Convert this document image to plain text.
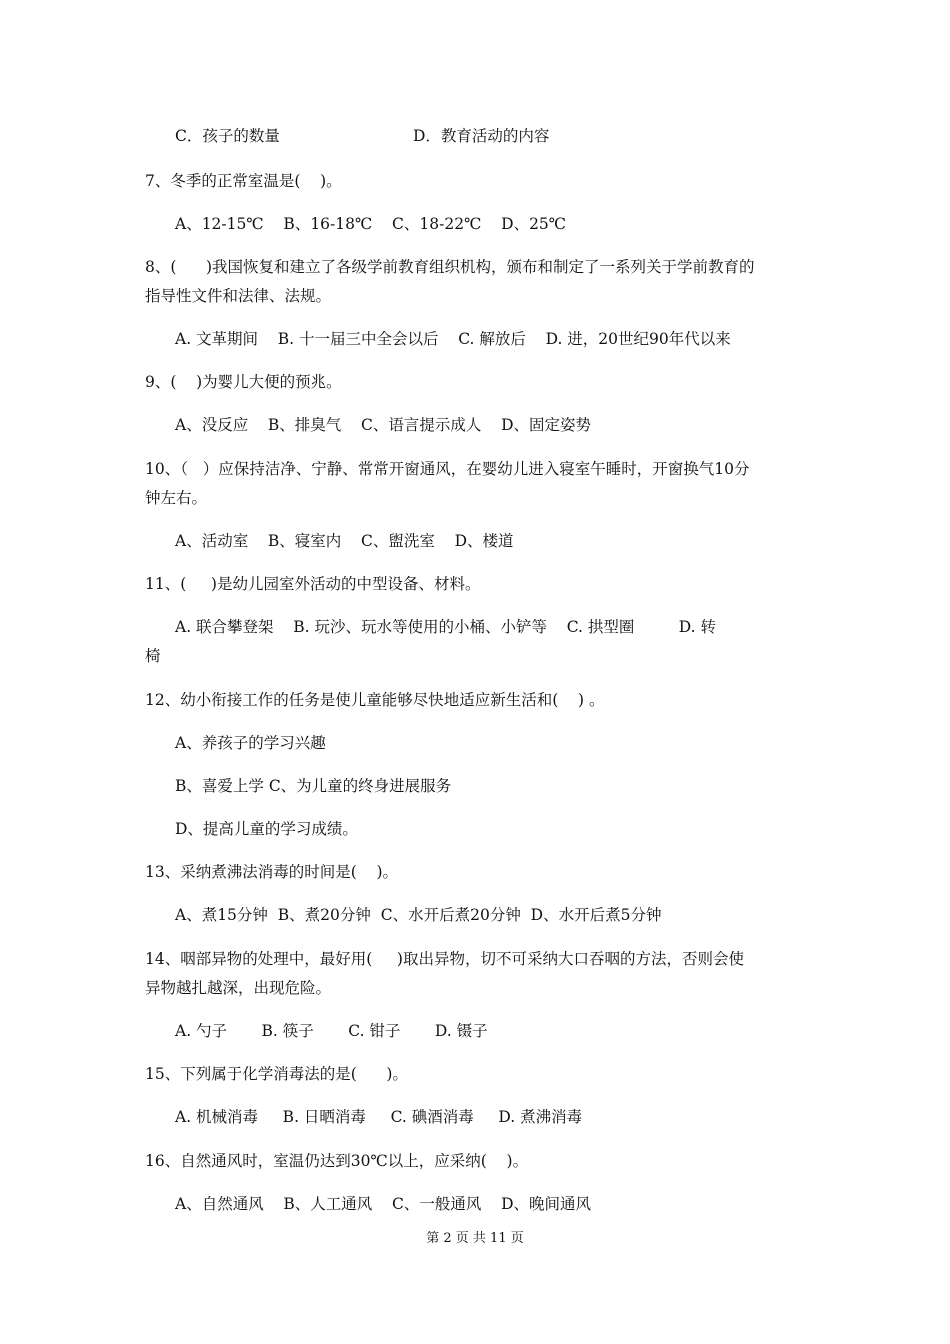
C．孩子的数量	D．教育活动的内容
7、冬季的正常室温是(    )。
A、12-15℃    B、16-18℃    C、18-22℃    D、25℃
8、(      )我国恢复和建立了各级学前教育组织机构，颁布和制定了一系列关于学前教育的
指导性文件和法律、法规。
A. 文革期间    B. 十一届三中全会以后    C. 解放后    D. 进，20世纪90年代以来
9、(    )为婴儿大便的预兆。
A、没反应    B、排臭气    C、语言提示成人    D、固定姿势
10、（   ）应保持洁净、宁静、常常开窗通风，在婴幼儿进入寝室午睡时，开窗换气10分
钟左右。
A、活动室    B、寝室内    C、盥洗室    D、楼道
11、(     )是幼儿园室外活动的中型设备、材料。
A. 联合攀登架    B. 玩沙、玩水等使用的小桶、小铲等    C. 拱型圈         D. 转
椅
12、幼小衔接工作的任务是使儿童能够尽快地适应新生活和(    ) 。
A、养孩子的学习兴趣
B、喜爱上学 C、为儿童的终身进展服务
D、提高儿童的学习成绩。
13、采纳煮沸法消毒的时间是(    )。
A、煮15分钟  B、煮20分钟  C、水开后煮20分钟  D、水开后煮5分钟
14、咽部异物的处理中，最好用(     )取出异物，切不可采纳大口吞咽的方法，否则会使
异物越扎越深，出现危险。
A. 勺子       B. 筷子       C. 钳子       D. 镊子
15、下列属于化学消毒法的是(      )。
A. 机械消毒     B. 日晒消毒     C. 碘酒消毒     D. 煮沸消毒
16、自然通风时，室温仍达到30℃以上，应采纳(    )。
A、自然通风    B、人工通风    C、一般通风    D、晚间通风
第 2 页 共 11 页
